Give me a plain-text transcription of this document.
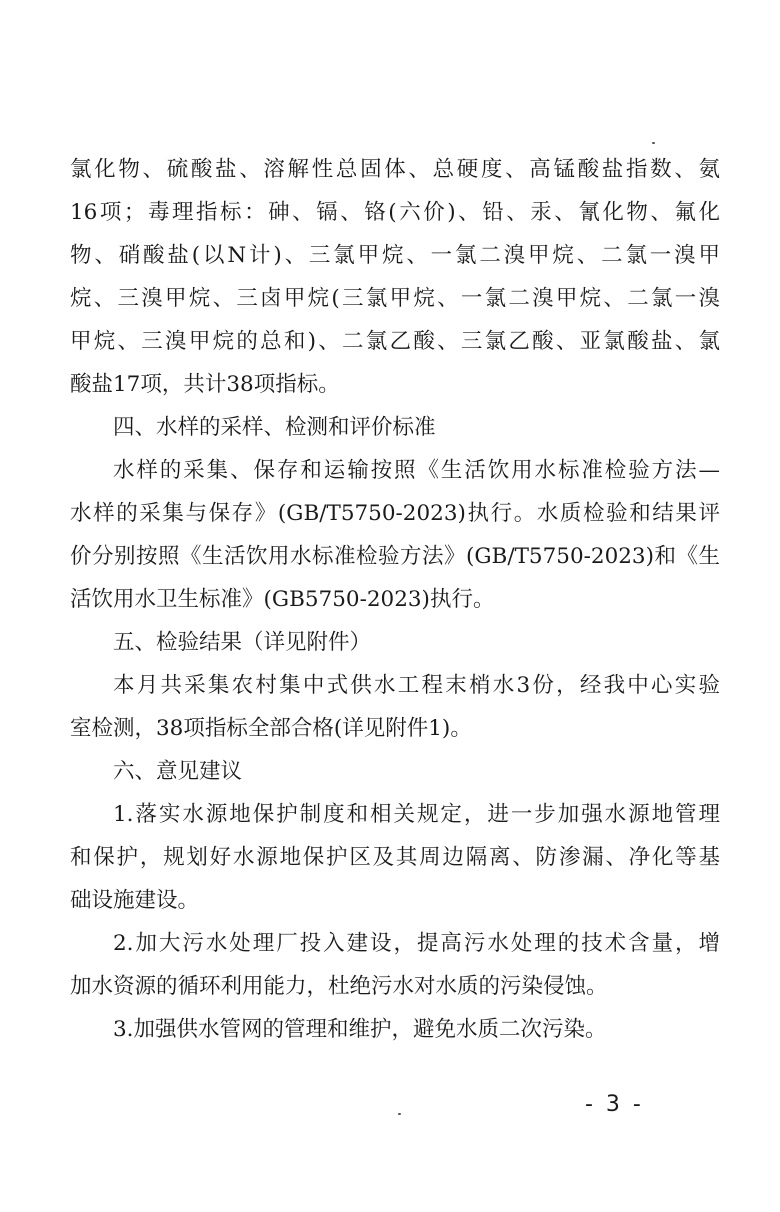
氯化物、硫酸盐、溶解性总固体、总硬度、高锰酸盐指数、氨
16项；毒理指标：砷、镉、铬(六价)、铅、汞、氰化物、氟化
物、硝酸盐(以N计)、三氯甲烷、一氯二溴甲烷、二氯一溴甲
烷、三溴甲烷、三卤甲烷(三氯甲烷、一氯二溴甲烷、二氯一溴
甲烷、三溴甲烷的总和)、二氯乙酸、三氯乙酸、亚氯酸盐、氯
酸盐17项，共计38项指标。
四、水样的采样、检测和评价标准
水样的采集、保存和运输按照《生活饮用水标准检验方法—
水样的采集与保存》(GB/T5750-2023)执行。水质检验和结果评
价分别按照《生活饮用水标准检验方法》(GB/T5750-2023)和《生
活饮用水卫生标准》(GB5750-2023)执行。
五、检验结果（详见附件）
本月共采集农村集中式供水工程末梢水3份，经我中心实验
室检测，38项指标全部合格(详见附件1)。
六、意见建议
1.落实水源地保护制度和相关规定，进一步加强水源地管理
和保护，规划好水源地保护区及其周边隔离、防渗漏、净化等基
础设施建设。
2.加大污水处理厂投入建设，提高污水处理的技术含量，增
加水资源的循环利用能力，杜绝污水对水质的污染侵蚀。
3.加强供水管网的管理和维护，避免水质二次污染。
- 3 -
